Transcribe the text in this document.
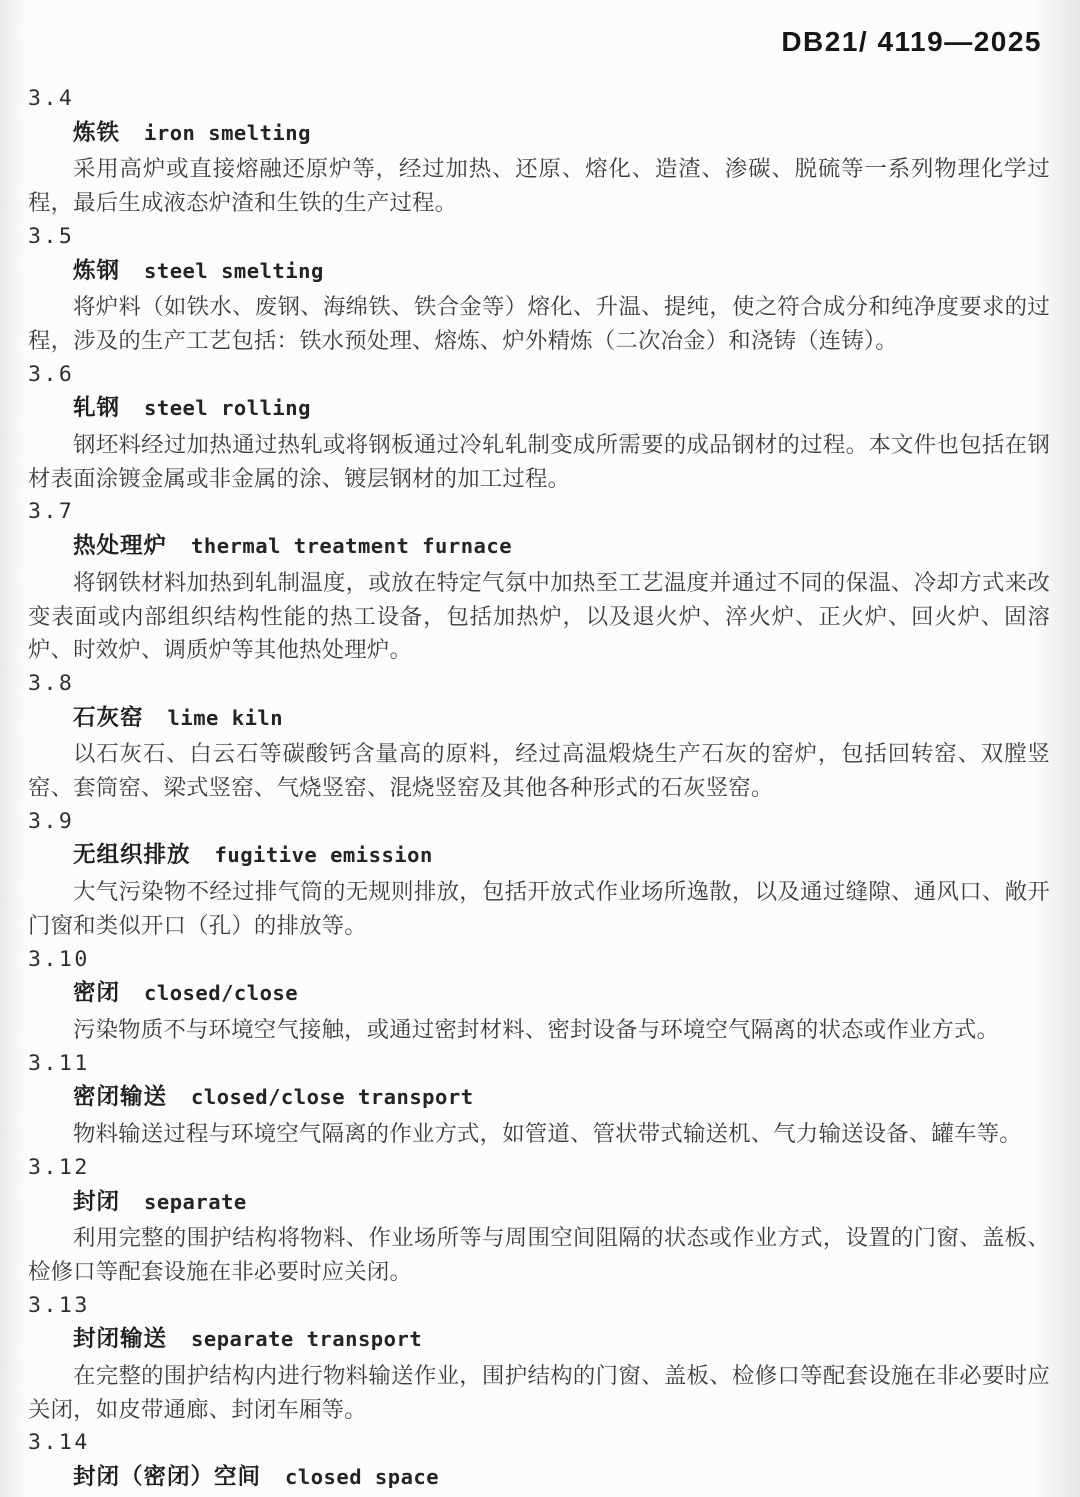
DB21/ 4119—2025
3.4
炼铁 iron smelting

采用高炉或直接熔融还原炉等，经过加热、还原、熔化、造渣、渗碳、脱硫等一系列物理化学过程，最后生成液态炉渣和生铁的生产过程。

3.5
炼钢 steel smelting

将炉料（如铁水、废钢、海绵铁、铁合金等）熔化、升温、提纯，使之符合成分和纯净度要求的过程，涉及的生产工艺包括：铁水预处理、熔炼、炉外精炼（二次冶金）和浇铸（连铸）。

3.6
轧钢 steel rolling

钢坯料经过加热通过热轧或将钢板通过冷轧轧制变成所需要的成品钢材的过程。本文件也包括在钢材表面涂镀金属或非金属的涂、镀层钢材的加工过程。

3.7
热处理炉 thermal treatment furnace

将钢铁材料加热到轧制温度，或放在特定气氛中加热至工艺温度并通过不同的保温、冷却方式来改变表面或内部组织结构性能的热工设备，包括加热炉，以及退火炉、淬火炉、正火炉、回火炉、固溶炉、时效炉、调质炉等其他热处理炉。

3.8
石灰窑 lime kiln

以石灰石、白云石等碳酸钙含量高的原料，经过高温煅烧生产石灰的窑炉，包括回转窑、双膛竖窑、套筒窑、梁式竖窑、气烧竖窑、混烧竖窑及其他各种形式的石灰竖窑。

3.9
无组织排放 fugitive emission

大气污染物不经过排气筒的无规则排放，包括开放式作业场所逸散，以及通过缝隙、通风口、敞开门窗和类似开口（孔）的排放等。

3.10
密闭 closed/close

污染物质不与环境空气接触，或通过密封材料、密封设备与环境空气隔离的状态或作业方式。

3.11
密闭输送 closed/close transport

物料输送过程与环境空气隔离的作业方式，如管道、管状带式输送机、气力输送设备、罐车等。

3.12
封闭 separate

利用完整的围护结构将物料、作业场所等与周围空间阻隔的状态或作业方式，设置的门窗、盖板、检修口等配套设施在非必要时应关闭。

3.13
封闭输送 separate transport

在完整的围护结构内进行物料输送作业，围护结构的门窗、盖板、检修口等配套设施在非必要时应关闭，如皮带通廊、封闭车厢等。

3.14
封闭（密闭）空间 closed space
